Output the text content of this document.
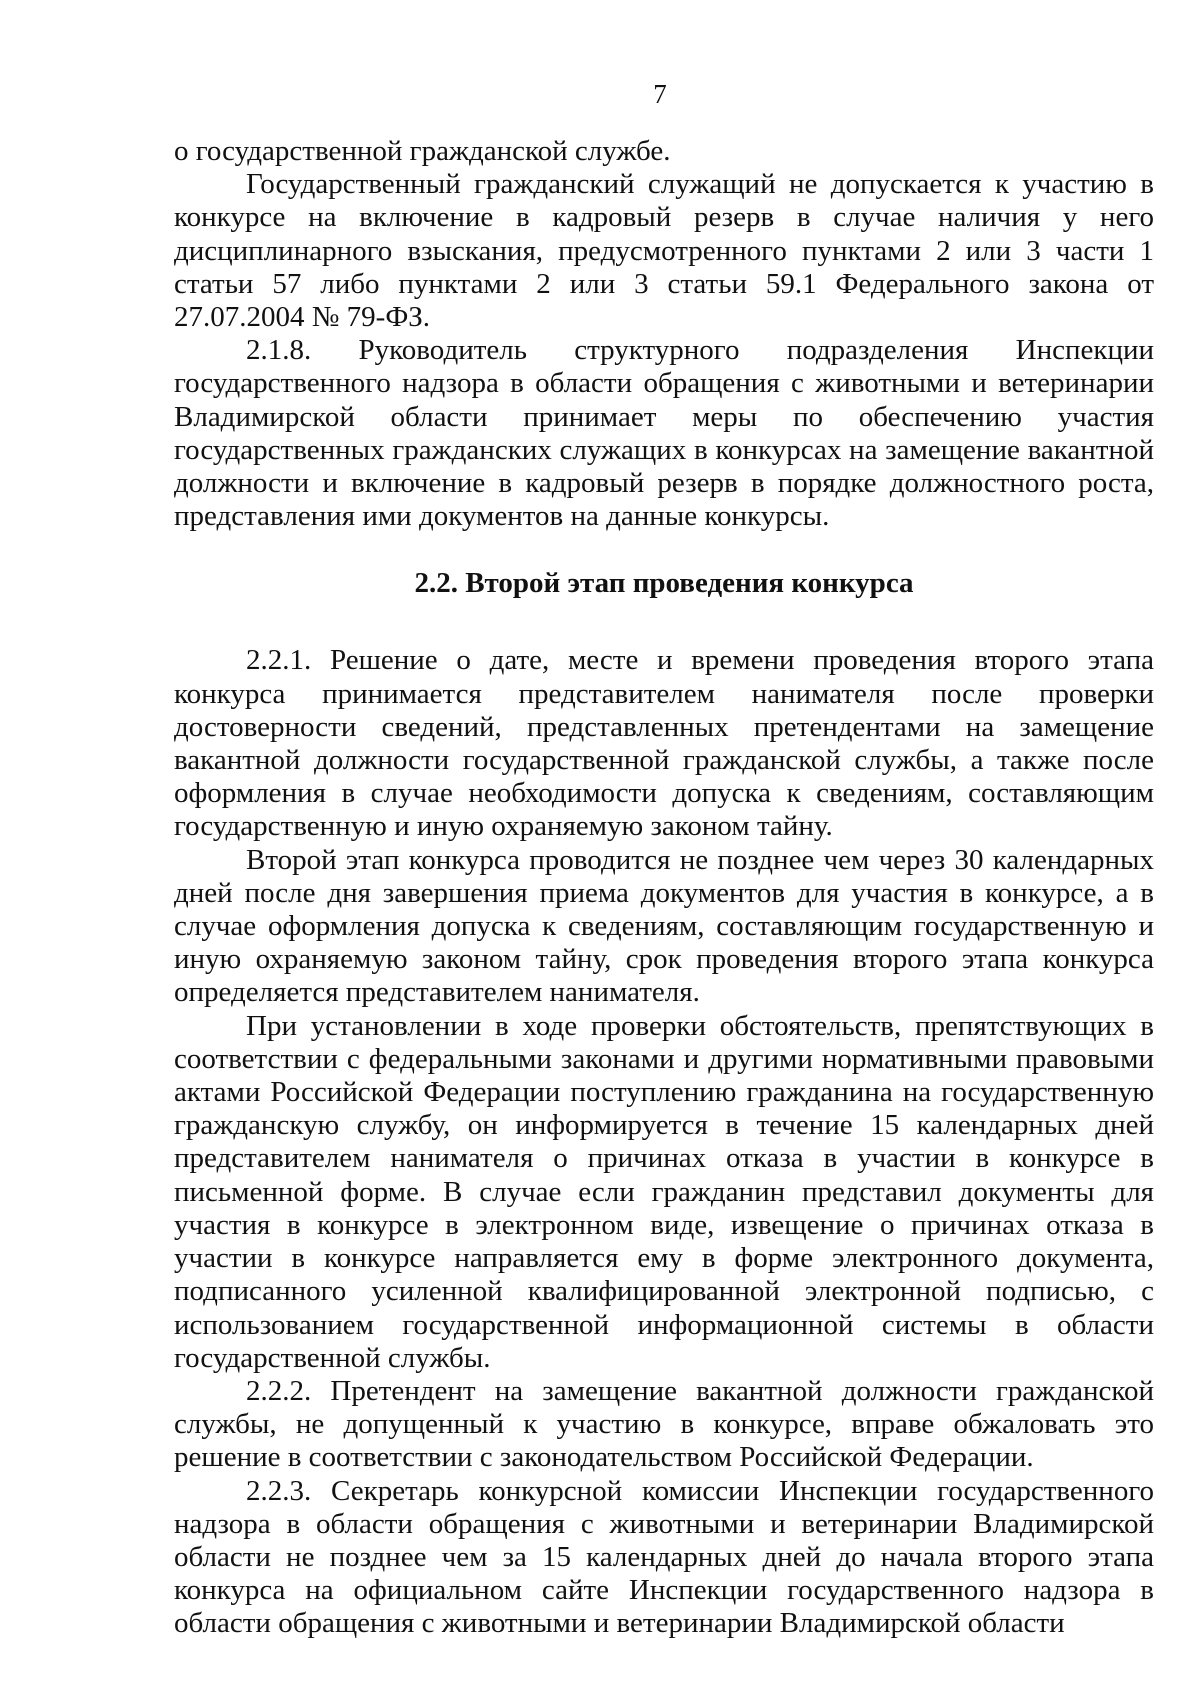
7

о государственной гражданской службе.

Государственный гражданский служащий не допускается к участию в конкурсе на включение в кадровый резерв в случае наличия у него дисциплинарного взыскания, предусмотренного пунктами 2 или 3 части 1 статьи 57 либо пунктами 2 или 3 статьи 59.1 Федерального закона от 27.07.2004 № 79-ФЗ.

2.1.8. Руководитель структурного подразделения Инспекции государственного надзора в области обращения с животными и ветеринарии Владимирской области принимает меры по обеспечению участия государственных гражданских служащих в конкурсах на замещение вакантной должности и включение в кадровый резерв в порядке должностного роста, представления ими документов на данные конкурсы.

2.2. Второй этап проведения конкурса

2.2.1. Решение о дате, месте и времени проведения второго этапа конкурса принимается представителем нанимателя после проверки достоверности сведений, представленных претендентами на замещение вакантной должности государственной гражданской службы, а также после оформления в случае необходимости допуска к сведениям, составляющим государственную и иную охраняемую законом тайну.

Второй этап конкурса проводится не позднее чем через 30 календарных дней после дня завершения приема документов для участия в конкурсе, а в случае оформления допуска к сведениям, составляющим государственную и иную охраняемую законом тайну, срок проведения второго этапа конкурса определяется представителем нанимателя.

При установлении в ходе проверки обстоятельств, препятствующих в соответствии с федеральными законами и другими нормативными правовыми актами Российской Федерации поступлению гражданина на государственную гражданскую службу, он информируется в течение 15 календарных дней представителем нанимателя о причинах отказа в участии в конкурсе в письменной форме. В случае если гражданин представил документы для участия в конкурсе в электронном виде, извещение о причинах отказа в участии в конкурсе направляется ему в форме электронного документа, подписанного усиленной квалифицированной электронной подписью, с использованием государственной информационной системы в области государственной службы.

2.2.2. Претендент на замещение вакантной должности гражданской службы, не допущенный к участию в конкурсе, вправе обжаловать это решение в соответствии с законодательством Российской Федерации.

2.2.3. Секретарь конкурсной комиссии Инспекции государственного надзора в области обращения с животными и ветеринарии Владимирской области не позднее чем за 15 календарных дней до начала второго этапа конкурса на официальном сайте Инспекции государственного надзора в области обращения с животными и ветеринарии Владимирской области
